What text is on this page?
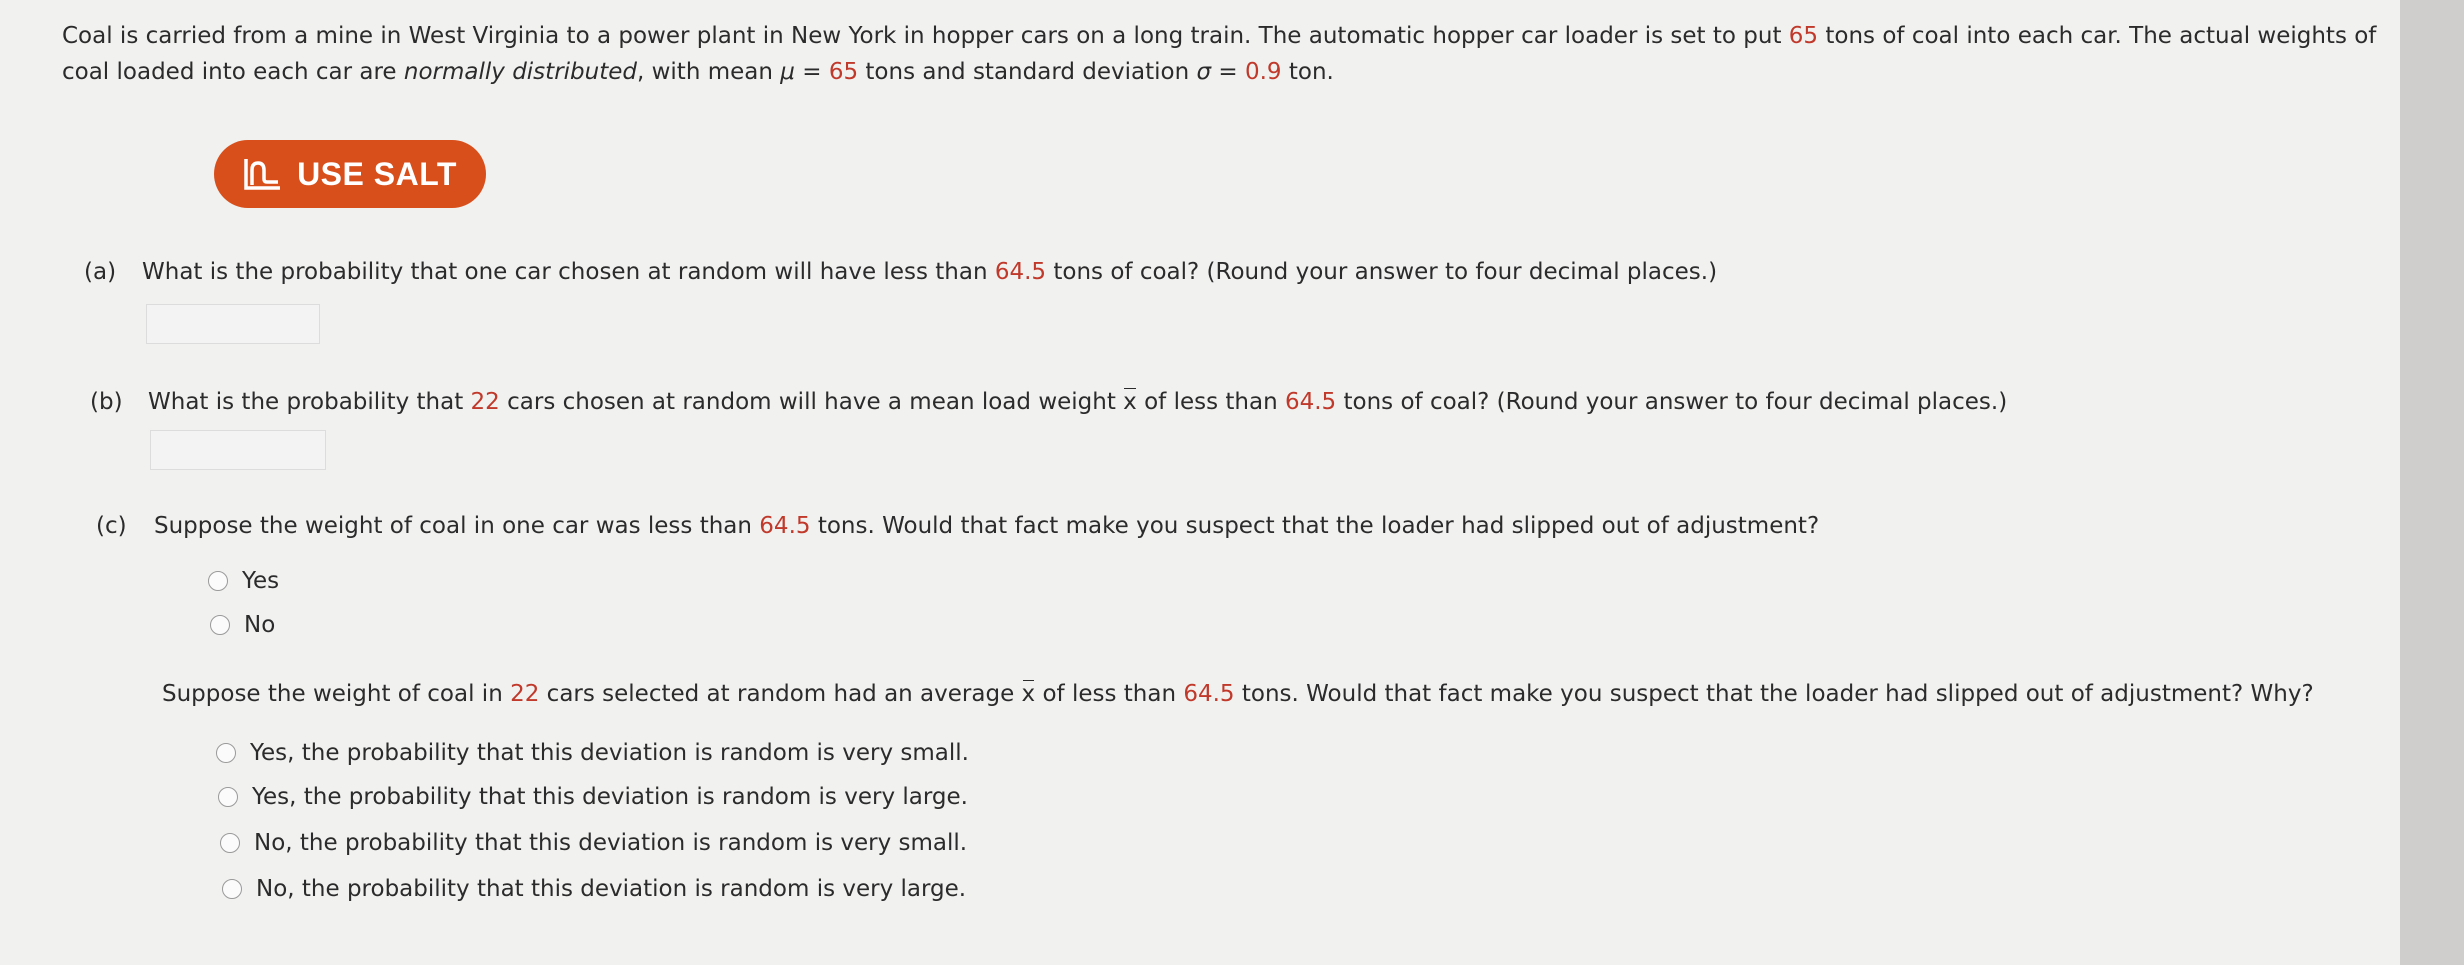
Coal is carried from a mine in West Virginia to a power plant in New York in hopper cars on a long train. The automatic hopper car loader is set to put 65 tons of coal into each car. The actual weights of coal loaded into each car are normally distributed, with mean μ = 65 tons and standard deviation σ = 0.9 ton.
USE SALT
(a) What is the probability that one car chosen at random will have less than 64.5 tons of coal? (Round your answer to four decimal places.)
(b) What is the probability that 22 cars chosen at random will have a mean load weight x of less than 64.5 tons of coal? (Round your answer to four decimal places.)
(c) Suppose the weight of coal in one car was less than 64.5 tons. Would that fact make you suspect that the loader had slipped out of adjustment?
Yes
No
Suppose the weight of coal in 22 cars selected at random had an average x of less than 64.5 tons. Would that fact make you suspect that the loader had slipped out of adjustment? Why?
Yes, the probability that this deviation is random is very small.
Yes, the probability that this deviation is random is very large.
No, the probability that this deviation is random is very small.
No, the probability that this deviation is random is very large.
